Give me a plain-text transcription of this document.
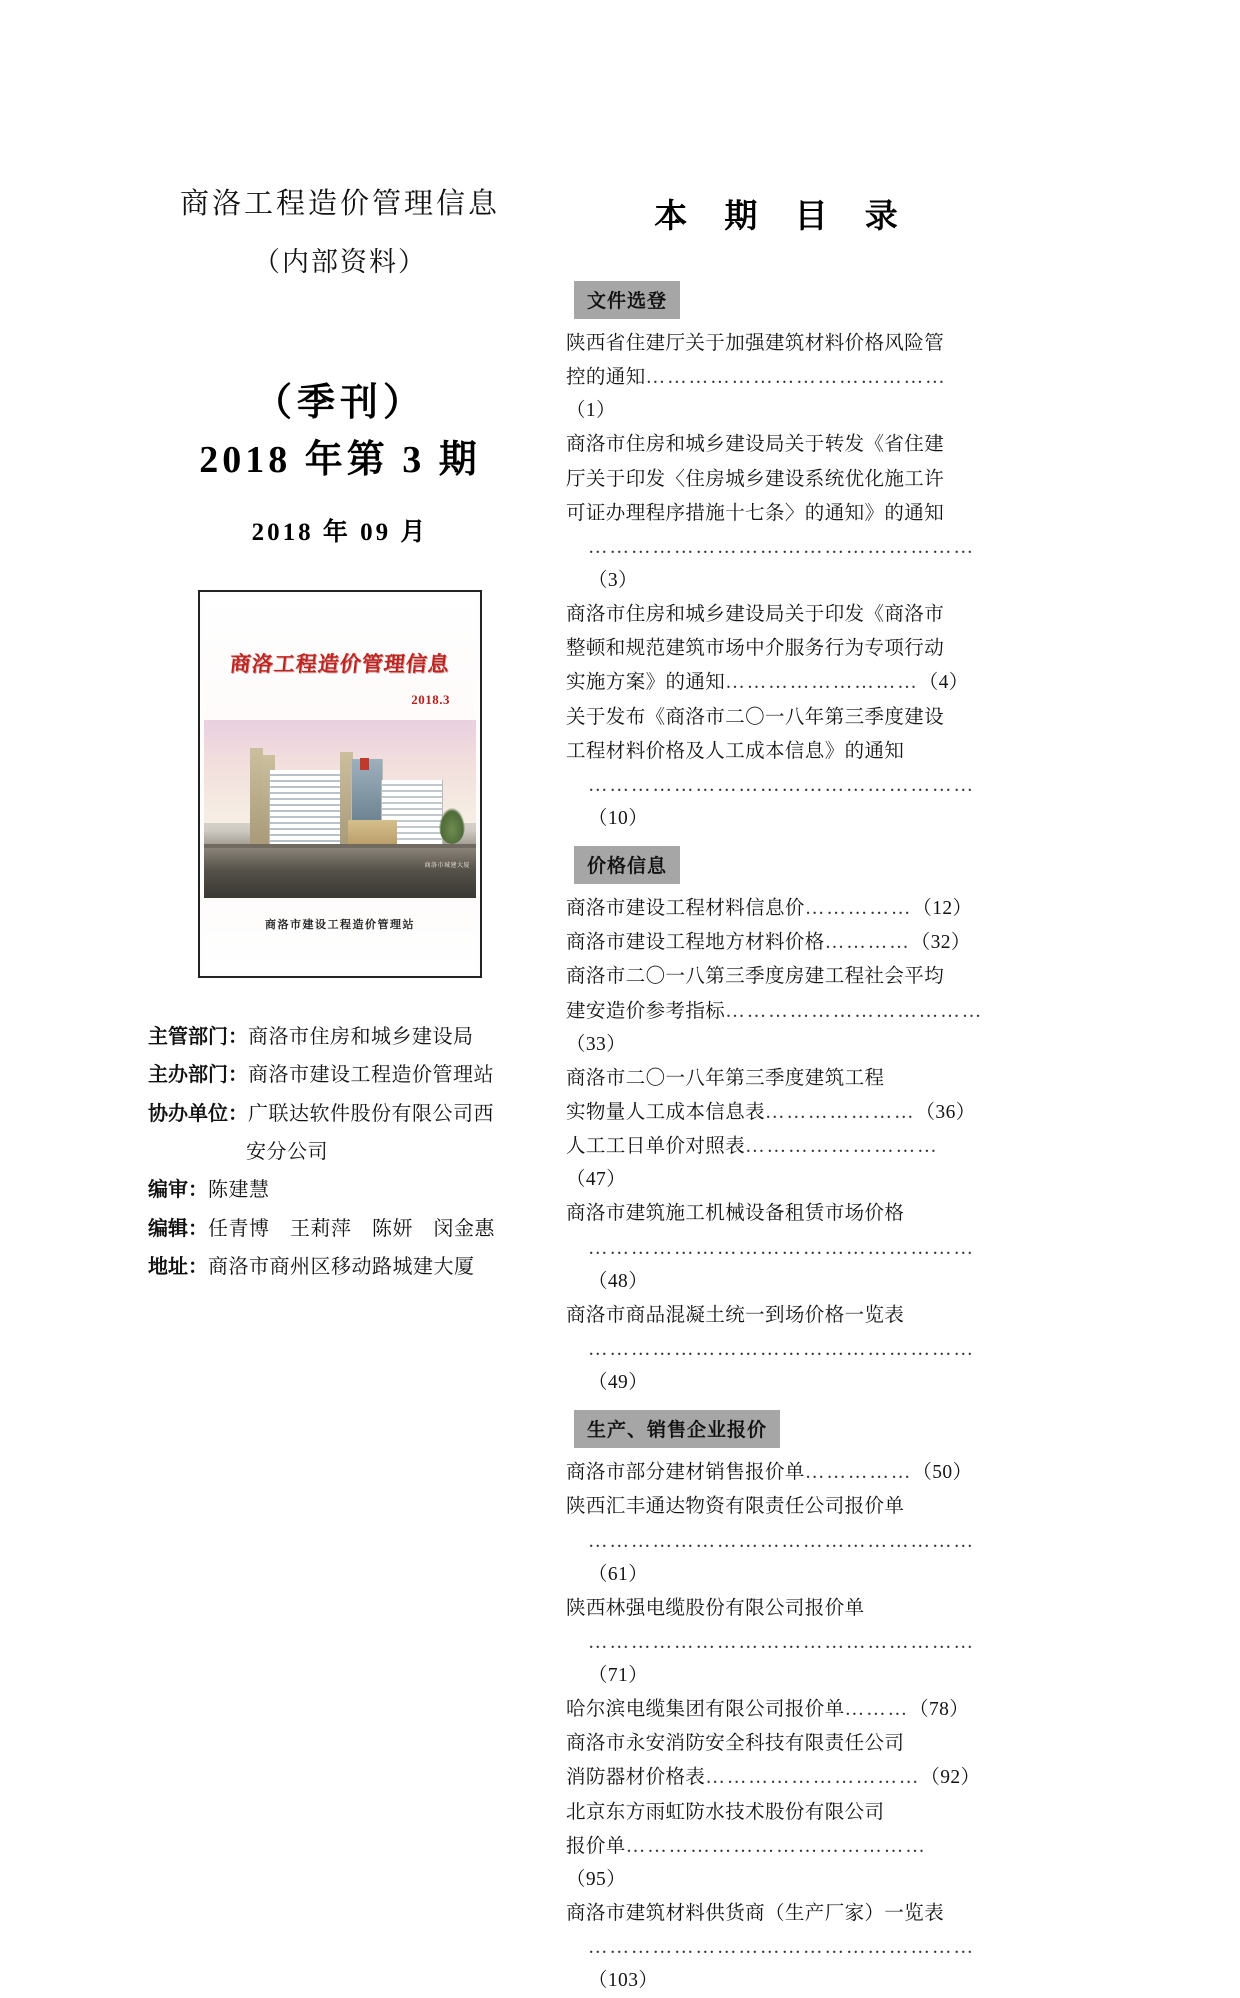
商洛工程造价管理信息
（内部资料）
（季刊）
2018 年第 3 期
2018 年 09 月
商洛工程造价管理信息
2018.3
商洛市城建大厦
商洛市建设工程造价管理站
主管部门： 商洛市住房和城乡建设局
主办部门： 商洛市建设工程造价管理站
协办单位： 广联达软件股份有限公司西
安分公司
编审： 陈建慧
编辑： 任青博　王莉萍　陈妍　闵金惠
地址： 商洛市商州区移动路城建大厦
本 期 目 录
文件选登
陕西省住建厅关于加强建筑材料价格风险管
控的通知……………………………………（1）
商洛市住房和城乡建设局关于转发《省住建
厅关于印发〈住房城乡建设系统优化施工许
可证办理程序措施十七条〉的通知》的通知
………………………………………………（3）
商洛市住房和城乡建设局关于印发《商洛市
整顿和规范建筑市场中介服务行为专项行动
实施方案》的通知………………………（4）
关于发布《商洛市二〇一八年第三季度建设
工程材料价格及人工成本信息》的通知
………………………………………………（10）
价格信息
商洛市建设工程材料信息价……………（12）
商洛市建设工程地方材料价格…………（32）
商洛市二〇一八第三季度房建工程社会平均
建安造价参考指标………………………………（33）
商洛市二〇一八年第三季度建筑工程
实物量人工成本信息表…………………（36）
人工工日单价对照表………………………（47）
商洛市建筑施工机械设备租赁市场价格
………………………………………………（48）
商洛市商品混凝土统一到场价格一览表
………………………………………………（49）
生产、销售企业报价
商洛市部分建材销售报价单……………（50）
陕西汇丰通达物资有限责任公司报价单
………………………………………………（61）
陕西林强电缆股份有限公司报价单
………………………………………………（71）
哈尔滨电缆集团有限公司报价单………（78）
商洛市永安消防安全科技有限责任公司
消防器材价格表…………………………（92）
北京东方雨虹防水技术股份有限公司
报价单……………………………………（95）
商洛市建筑材料供货商（生产厂家）一览表
………………………………………………（103）
